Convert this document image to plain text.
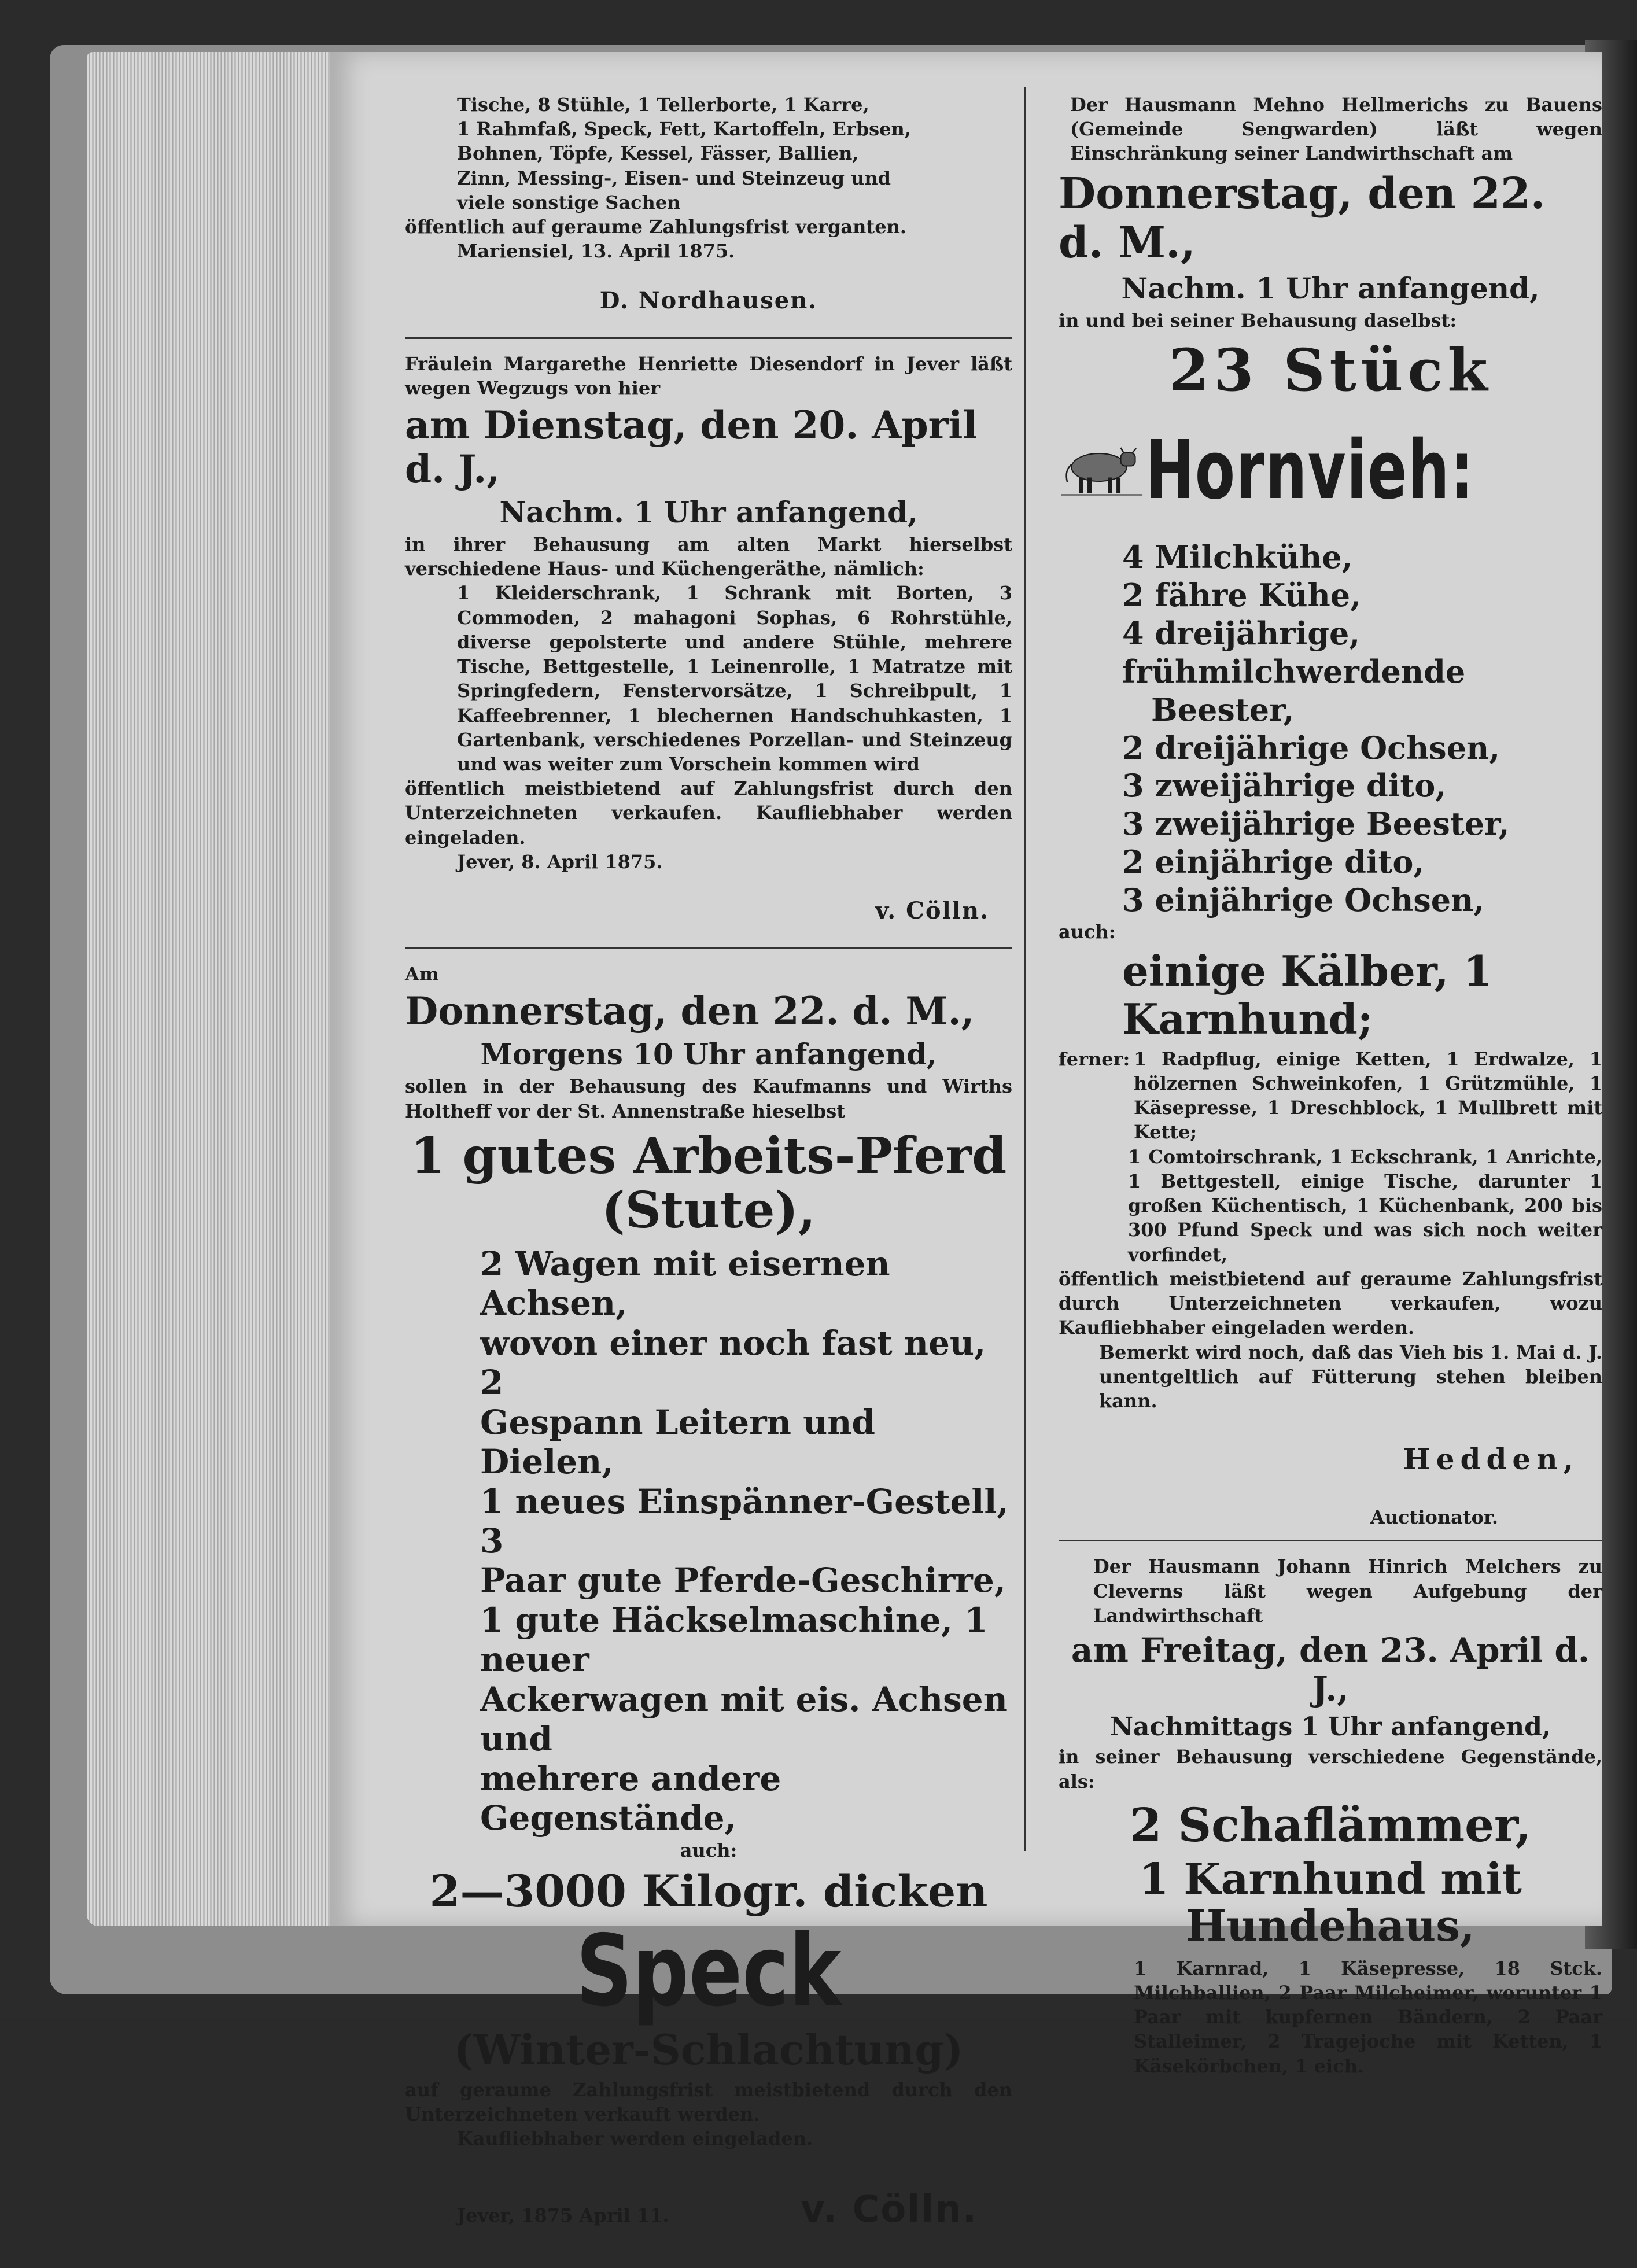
Tische, 8 Stühle, 1 Tellerborte, 1 Karre,

1 Rahmfaß, Speck, Fett, Kartoffeln, Erbsen,

Bohnen, Töpfe, Kessel, Fässer, Ballien,

Zinn, Messing-, Eisen- und Steinzeug und

viele sonstige Sachen

öffentlich auf geraume Zahlungsfrist verganten.

Mariensiel, 13. April 1875.

D. Nordhausen.

Fräulein Margarethe Henriette Diesendorf in Jever läßt wegen Wegzugs von hier

am Dienstag, den 20. April d. J.,

Nachm. 1 Uhr anfangend,

in ihrer Behausung am alten Markt hierselbst verschiedene Haus- und Küchengeräthe, nämlich:

1 Kleiderschrank, 1 Schrank mit Borten, 3 Commoden, 2 mahagoni Sophas, 6 Rohrstühle, diverse gepolsterte und andere Stühle, mehrere Tische, Bettgestelle, 1 Leinenrolle, 1 Matratze mit Springfedern, Fenstervorsätze, 1 Schreibpult, 1 Kaffeebrenner, 1 blechernen Handschuhkasten, 1 Gartenbank, verschiedenes Porzellan- und Steinzeug und was weiter zum Vorschein kommen wird

öffentlich meistbietend auf Zahlungsfrist durch den Unterzeichneten verkaufen. Kaufliebhaber werden eingeladen.

Jever, 8. April 1875.

v. Cölln.

Am

Donnerstag, den 22. d. M.,

Morgens 10 Uhr anfangend,

sollen in der Behausung des Kaufmanns und Wirths Holtheff vor der St. Annenstraße hieselbst

1 gutes Arbeits-Pferd (Stute),

2 Wagen mit eisernen Achsen,
wovon einer noch fast neu, 2
Gespann Leitern und Dielen,
1 neues Einspänner-Gestell, 3
Paar gute Pferde-Geschirre,
1 gute Häckselmaschine, 1 neuer
Ackerwagen mit eis. Achsen und
mehrere andere Gegenstände,

auch:

2—3000 Kilogr. dicken

Speck

(Winter-Schlachtung)

auf geraume Zahlungsfrist meistbietend durch den Unterzeichneten verkauft werden.

Kaufliebhaber werden eingeladen.

Jever, 1875 April 11.	v. Cölln.

Der Hausmann Mehno Hellmerichs zu Bauens (Gemeinde Sengwarden) läßt wegen Einschränkung seiner Landwirthschaft am

Donnerstag, den 22. d. M.,

Nachm. 1 Uhr anfangend,

in und bei seiner Behausung daselbst:

23 Stück

Hornvieh:
4 Milchkühe,
2 fähre Kühe,
4 dreijährige, frühmilchwerdende
Beester,
2 dreijährige Ochsen,
3 zweijährige dito,
3 zweijährige Beester,
2 einjährige dito,
3 einjährige Ochsen,

auch:

einige Kälber, 1 Karnhund;

ferner: 1 Radpflug, einige Ketten, 1 Erdwalze, 1 hölzernen Schweinkofen, 1 Grützmühle, 1 Käsepresse, 1 Dreschblock, 1 Mullbrett mit Kette;

1 Comtoirschrank, 1 Eckschrank, 1 Anrichte, 1 Bettgestell, einige Tische, darunter 1 großen Küchentisch, 1 Küchenbank, 200 bis 300 Pfund Speck und was sich noch weiter vorfindet,

öffentlich meistbietend auf geraume Zahlungsfrist durch Unterzeichneten verkaufen, wozu Kaufliebhaber eingeladen werden.

Bemerkt wird noch, daß das Vieh bis 1. Mai d. J. unentgeltlich auf Fütterung stehen bleiben kann.

Hedden,

Auctionator.

Der Hausmann Johann Hinrich Melchers zu Cleverns läßt wegen Aufgebung der Landwirthschaft

am Freitag, den 23. April d. J.,

Nachmittags 1 Uhr anfangend,

in seiner Behausung verschiedene Gegenstände, als:

2 Schaflämmer,

1 Karnhund mit Hundehaus,

1 Karnrad, 1 Käsepresse, 18 Stck. Milchballien, 2 Paar Milcheimer, worunter 1 Paar mit kupfernen Bändern, 2 Paar Stalleimer, 2 Tragejoche mit Ketten, 1 Käsekörbchen, 1 eich.
